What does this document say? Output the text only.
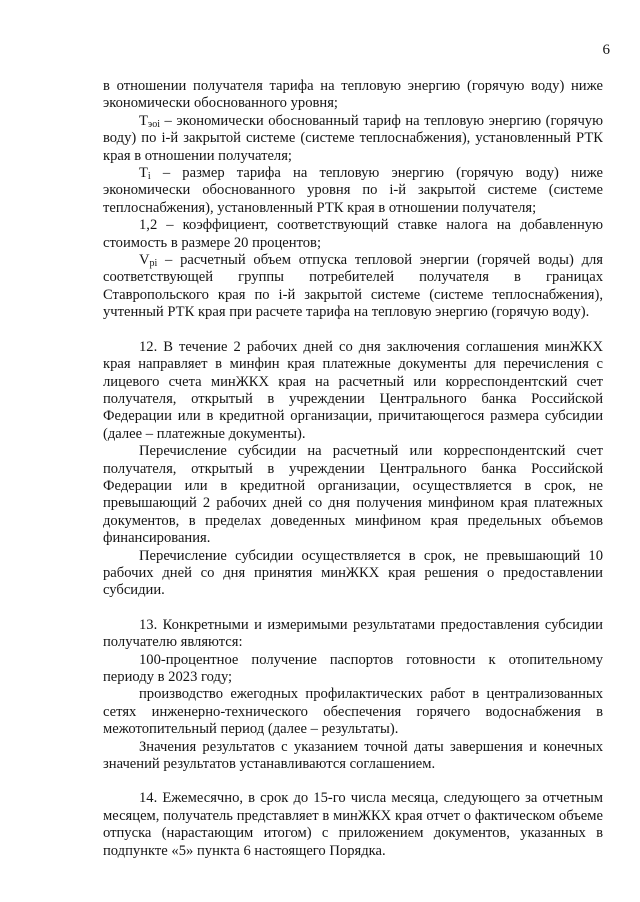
6

в отношении получателя тарифа на тепловую энергию (горячую воду) ниже экономически обоснованного уровня;

$T_{эоi}$ – экономически обоснованный тариф на тепловую энергию (горячую воду) по i-й закрытой системе (системе теплоснабжения), установленный РТК края в отношении получателя;

$T_i$ – размер тарифа на тепловую энергию (горячую воду) ниже экономически обоснованного уровня по i-й закрытой системе (системе теплоснабжения), установленный РТК края в отношении получателя;

1,2 – коэффициент, соответствующий ставке налога на добавленную стоимость в размере 20 процентов;

$V_{pi}$ – расчетный объем отпуска тепловой энергии (горячей воды) для соответствующей группы потребителей получателя в границах Ставропольского края по i-й закрытой системе (системе теплоснабжения), учтенный РТК края при расчете тарифа на тепловую энергию (горячую воду).

12. В течение 2 рабочих дней со дня заключения соглашения минЖКХ края направляет в минфин края платежные документы для перечисления с лицевого счета минЖКХ края на расчетный или корреспондентский счет получателя, открытый в учреждении Центрального банка Российской Федерации или в кредитной организации, причитающегося размера субсидии (далее – платежные документы).

Перечисление субсидии на расчетный или корреспондентский счет получателя, открытый в учреждении Центрального банка Российской Федерации или в кредитной организации, осуществляется в срок, не превышающий 2 рабочих дней со дня получения минфином края платежных документов, в пределах доведенных минфином края предельных объемов финансирования.

Перечисление субсидии осуществляется в срок, не превышающий 10 рабочих дней со дня принятия минЖКХ края решения о предоставлении субсидии.

13. Конкретными и измеримыми результатами предоставления субсидии получателю являются:

100-процентное получение паспортов готовности к отопительному периоду в 2023 году;

производство ежегодных профилактических работ в централизованных сетях инженерно-технического обеспечения горячего водоснабжения в межотопительный период (далее – результаты).

Значения результатов с указанием точной даты завершения и конечных значений результатов устанавливаются соглашением.

14. Ежемесячно, в срок до 15-го числа месяца, следующего за отчетным месяцем, получатель представляет в минЖКХ края отчет о фактическом объеме отпуска (нарастающим итогом) с приложением документов, указанных в подпункте «5» пункта 6 настоящего Порядка.
